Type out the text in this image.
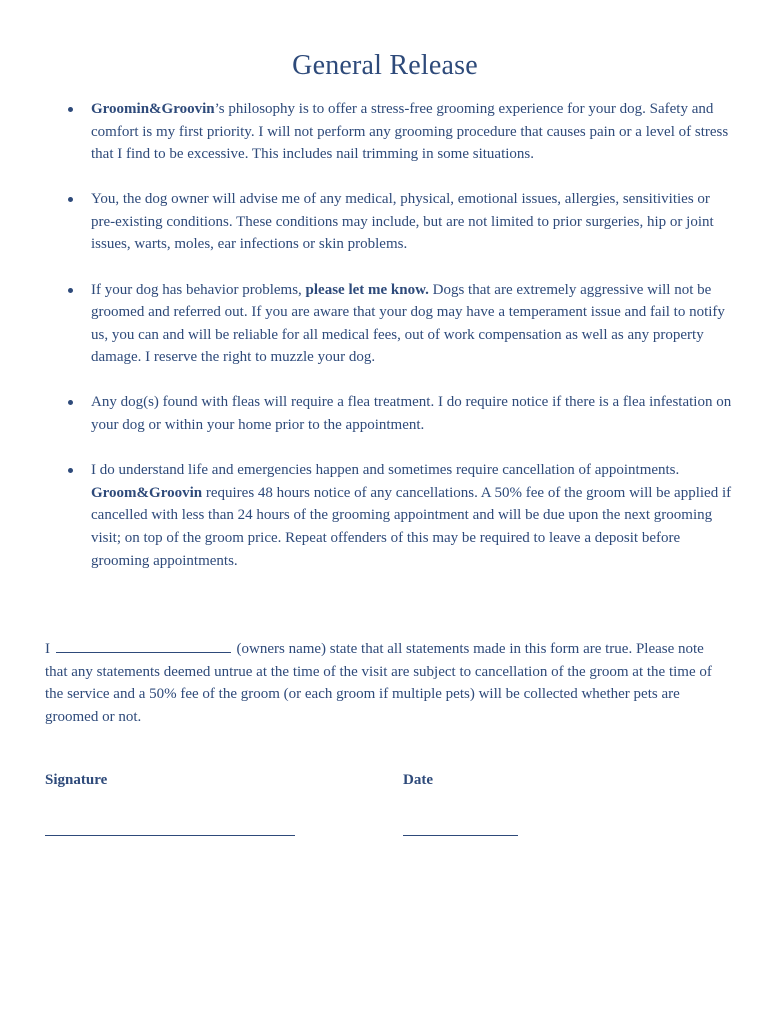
General Release
Groomin&Groovin’s philosophy is to offer a stress-free grooming experience for your dog. Safety and comfort is my first priority. I will not perform any grooming procedure that causes pain or a level of stress that I find to be excessive. This includes nail trimming in some situations.
You, the dog owner will advise me of any medical, physical, emotional issues, allergies, sensitivities or pre-existing conditions. These conditions may include, but are not limited to prior surgeries, hip or joint issues, warts, moles, ear infections or skin problems.
If your dog has behavior problems, please let me know. Dogs that are extremely aggressive will not be groomed and referred out. If you are aware that your dog may have a temperament issue and fail to notify us, you can and will be reliable for all medical fees, out of work compensation as well as any property damage. I reserve the right to muzzle your dog.
Any dog(s) found with fleas will require a flea treatment. I do require notice if there is a flea infestation on your dog or within your home prior to the appointment.
I do understand life and emergencies happen and sometimes require cancellation of appointments. Groom&Groovin requires 48 hours notice of any cancellations. A 50% fee of the groom will be applied if cancelled with less than 24 hours of the grooming appointment and will be due upon the next grooming visit; on top of the groom price. Repeat offenders of this may be required to leave a deposit before grooming appointments.
I	(owners name) state that all statements made in this form are true. Please note that any statements deemed untrue at the time of the visit are subject to cancellation of the groom at the time of the service and a 50% fee of the groom (or each groom if multiple pets) will be collected whether pets are groomed or not.
Signature	Date
